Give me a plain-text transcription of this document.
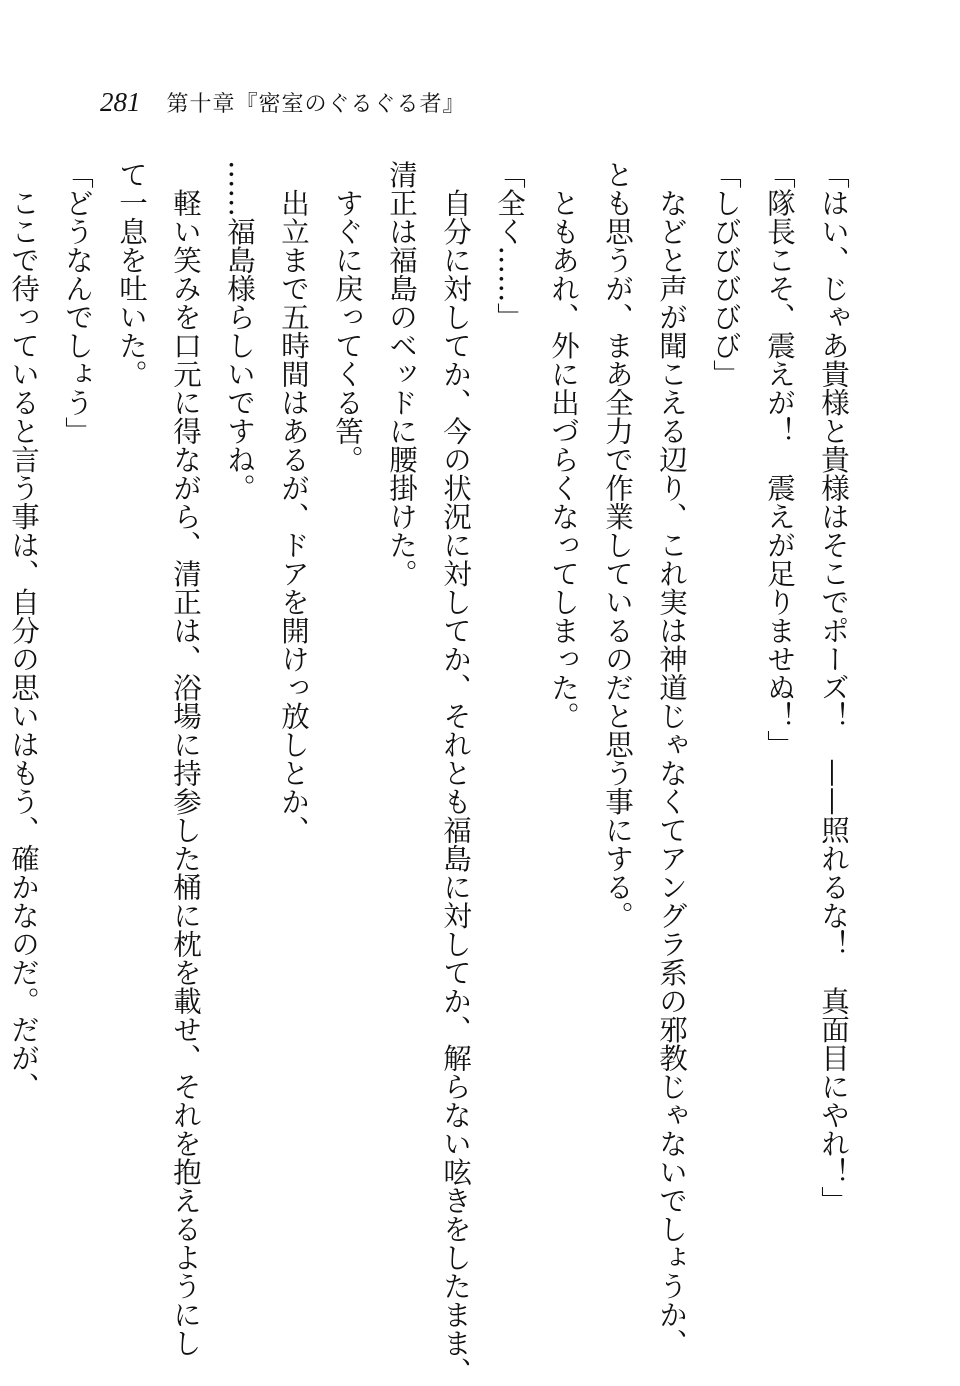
281 第十章『密室のぐるぐる者』
「はい、じゃあ貴様と貴様はそこでポーズ！　——照れるな！　真面目にやれ！」
「隊長こそ、震えが！　震えが足りませぬ！」
「しびびびびび」
　などと声が聞こえる辺り、これ実は神道じゃなくてアングラ系の邪教じゃないでしょうか、
とも思うが、まあ全力で作業しているのだと思う事にする。
　ともあれ、外に出づらくなってしまった。
「全く……」
　自分に対してか、今の状況に対してか、それとも福島に対してか、解らない呟きをしたまま、
清正は福島のベッドに腰掛けた。
　すぐに戻ってくる筈。
　出立まで五時間はあるが、ドアを開けっ放しとか、
……福島様らしいですね。
　軽い笑みを口元に得ながら、清正は、浴場に持参した桶に枕を載せ、それを抱えるようにし
て一息を吐いた。
「どうなんでしょう」
　ここで待っていると言う事は、自分の思いはもう、確かなのだ。だが、
